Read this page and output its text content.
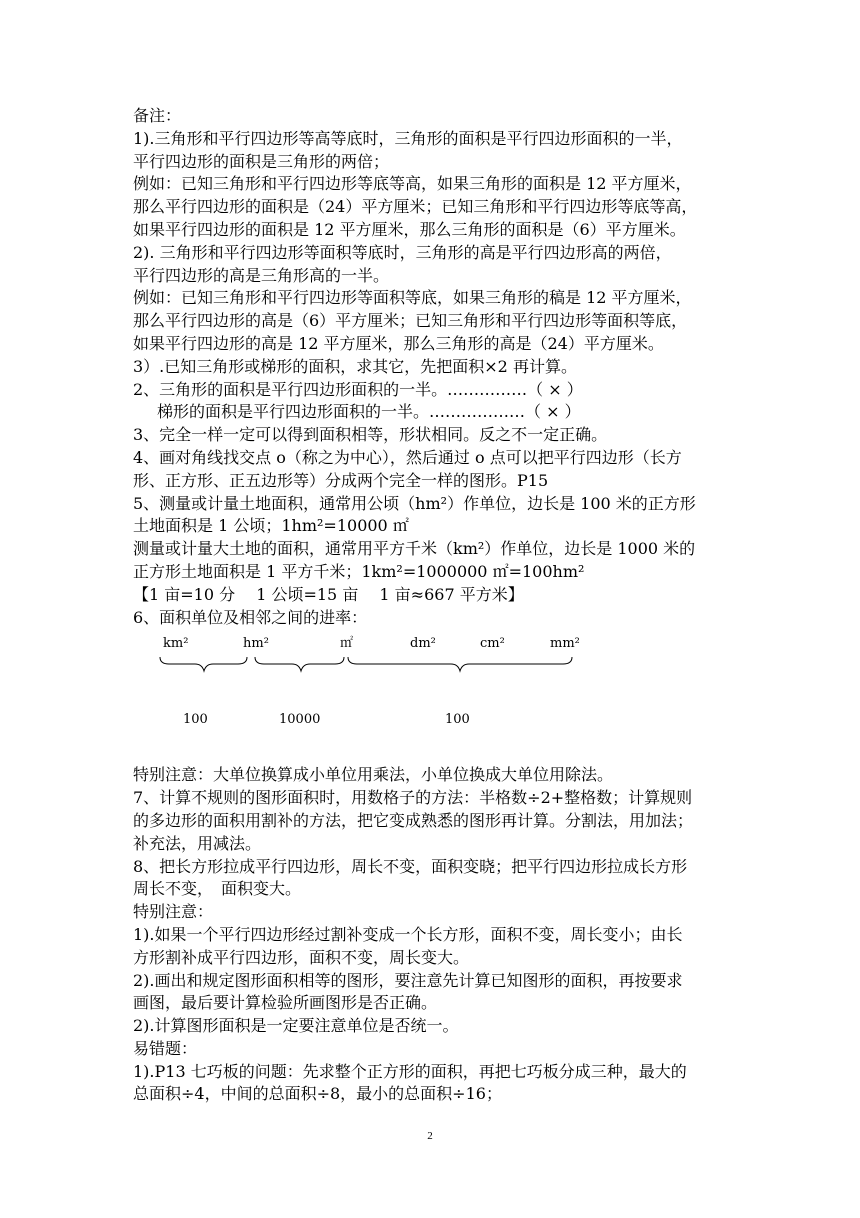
备注：

1).三角形和平行四边形等高等底时，三角形的面积是平行四边形面积的一半，

平行四边形的面积是三角形的两倍；

例如：已知三角形和平行四边形等底等高，如果三角形的面积是 12 平方厘米，

那么平行四边形的面积是（24）平方厘米；已知三角形和平行四边形等底等高，

如果平行四边形的面积是 12 平方厘米，那么三角形的面积是（6）平方厘米。

2). 三角形和平行四边形等面积等底时，三角形的高是平行四边形高的两倍，

平行四边形的高是三角形高的一半。

例如：已知三角形和平行四边形等面积等底，如果三角形的稿是 12 平方厘米，

那么平行四边形的高是（6）平方厘米；已知三角形和平行四边形等面积等底，

如果平行四边形的高是 12 平方厘米，那么三角形的高是（24）平方厘米。

3）.已知三角形或梯形的面积，求其它，先把面积×2 再计算。

2、三角形的面积是平行四边形面积的一半。……………（ × ）

梯形的面积是平行四边形面积的一半。………………（ × ）

3、完全一样一定可以得到面积相等，形状相同。反之不一定正确。

4、画对角线找交点 o（称之为中心），然后通过 o 点可以把平行四边形（长方

形、正方形、正五边形等）分成两个完全一样的图形。P15

5、测量或计量土地面积，通常用公顷（hm²）作单位，边长是 100 米的正方形

土地面积是 1 公顷；1hm²=10000 ㎡

测量或计量大土地的面积，通常用平方千米（km²）作单位，边长是 1000 米的

正方形土地面积是 1 平方千米；1km²=1000000 ㎡=100hm²

【1 亩=10 分　 1 公顷=15 亩　 1 亩≈667 平方米】

6、面积单位及相邻之间的进率：

km²	hm²	㎡	dm²	cm²	mm²
100	10000	100

特别注意：大单位换算成小单位用乘法，小单位换成大单位用除法。

7、计算不规则的图形面积时，用数格子的方法：半格数÷2+整格数；计算规则

的多边形的面积用割补的方法，把它变成熟悉的图形再计算。分割法，用加法；

补充法，用减法。

8、把长方形拉成平行四边形，周长不变，面积变晓；把平行四边形拉成长方形

周长不变，　面积变大。

特别注意：

1).如果一个平行四边形经过割补变成一个长方形，面积不变，周长变小；由长

方形割补成平行四边形，面积不变，周长变大。

2).画出和规定图形面积相等的图形，要注意先计算已知图形的面积，再按要求

画图，最后要计算检验所画图形是否正确。

2).计算图形面积是一定要注意单位是否统一。

易错题：

1).P13 七巧板的问题：先求整个正方形的面积，再把七巧板分成三种，最大的

总面积÷4，中间的总面积÷8，最小的总面积÷16；

2
